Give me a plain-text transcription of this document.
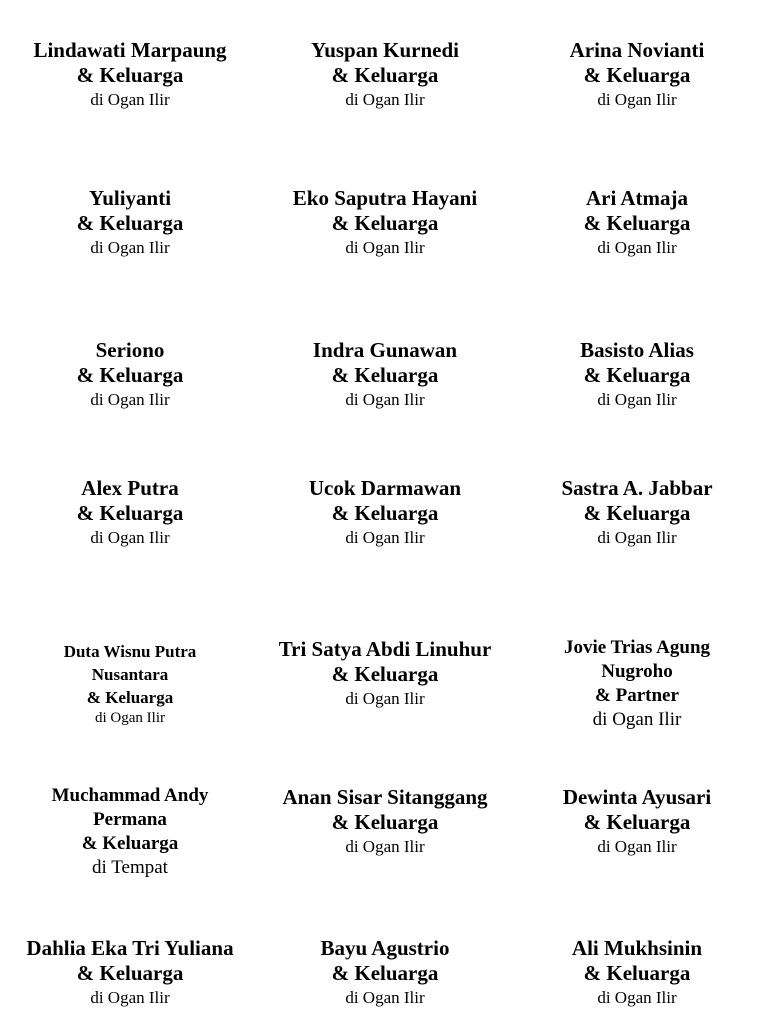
Lindawati Marpaung
& Keluarga
di Ogan Ilir
Yuspan Kurnedi
& Keluarga
di Ogan Ilir
Arina Novianti
& Keluarga
di Ogan Ilir
Yuliyanti
& Keluarga
di Ogan Ilir
Eko Saputra Hayani
& Keluarga
di Ogan Ilir
Ari Atmaja
& Keluarga
di Ogan Ilir
Seriono
& Keluarga
di Ogan Ilir
Indra Gunawan
& Keluarga
di Ogan Ilir
Basisto Alias
& Keluarga
di Ogan Ilir
Alex Putra
& Keluarga
di Ogan Ilir
Ucok Darmawan
& Keluarga
di Ogan Ilir
Sastra A. Jabbar
& Keluarga
di Ogan Ilir
Duta Wisnu Putra
Nusantara
& Keluarga
di Ogan Ilir
Tri Satya Abdi Linuhur
& Keluarga
di Ogan Ilir
Jovie Trias Agung
Nugroho
& Partner
di Ogan Ilir
Muchammad Andy
Permana
& Keluarga
di Tempat
Anan Sisar Sitanggang
& Keluarga
di Ogan Ilir
Dewinta Ayusari
& Keluarga
di Ogan Ilir
Dahlia Eka Tri Yuliana
& Keluarga
di Ogan Ilir
Bayu Agustrio
& Keluarga
di Ogan Ilir
Ali Mukhsinin
& Keluarga
di Ogan Ilir
